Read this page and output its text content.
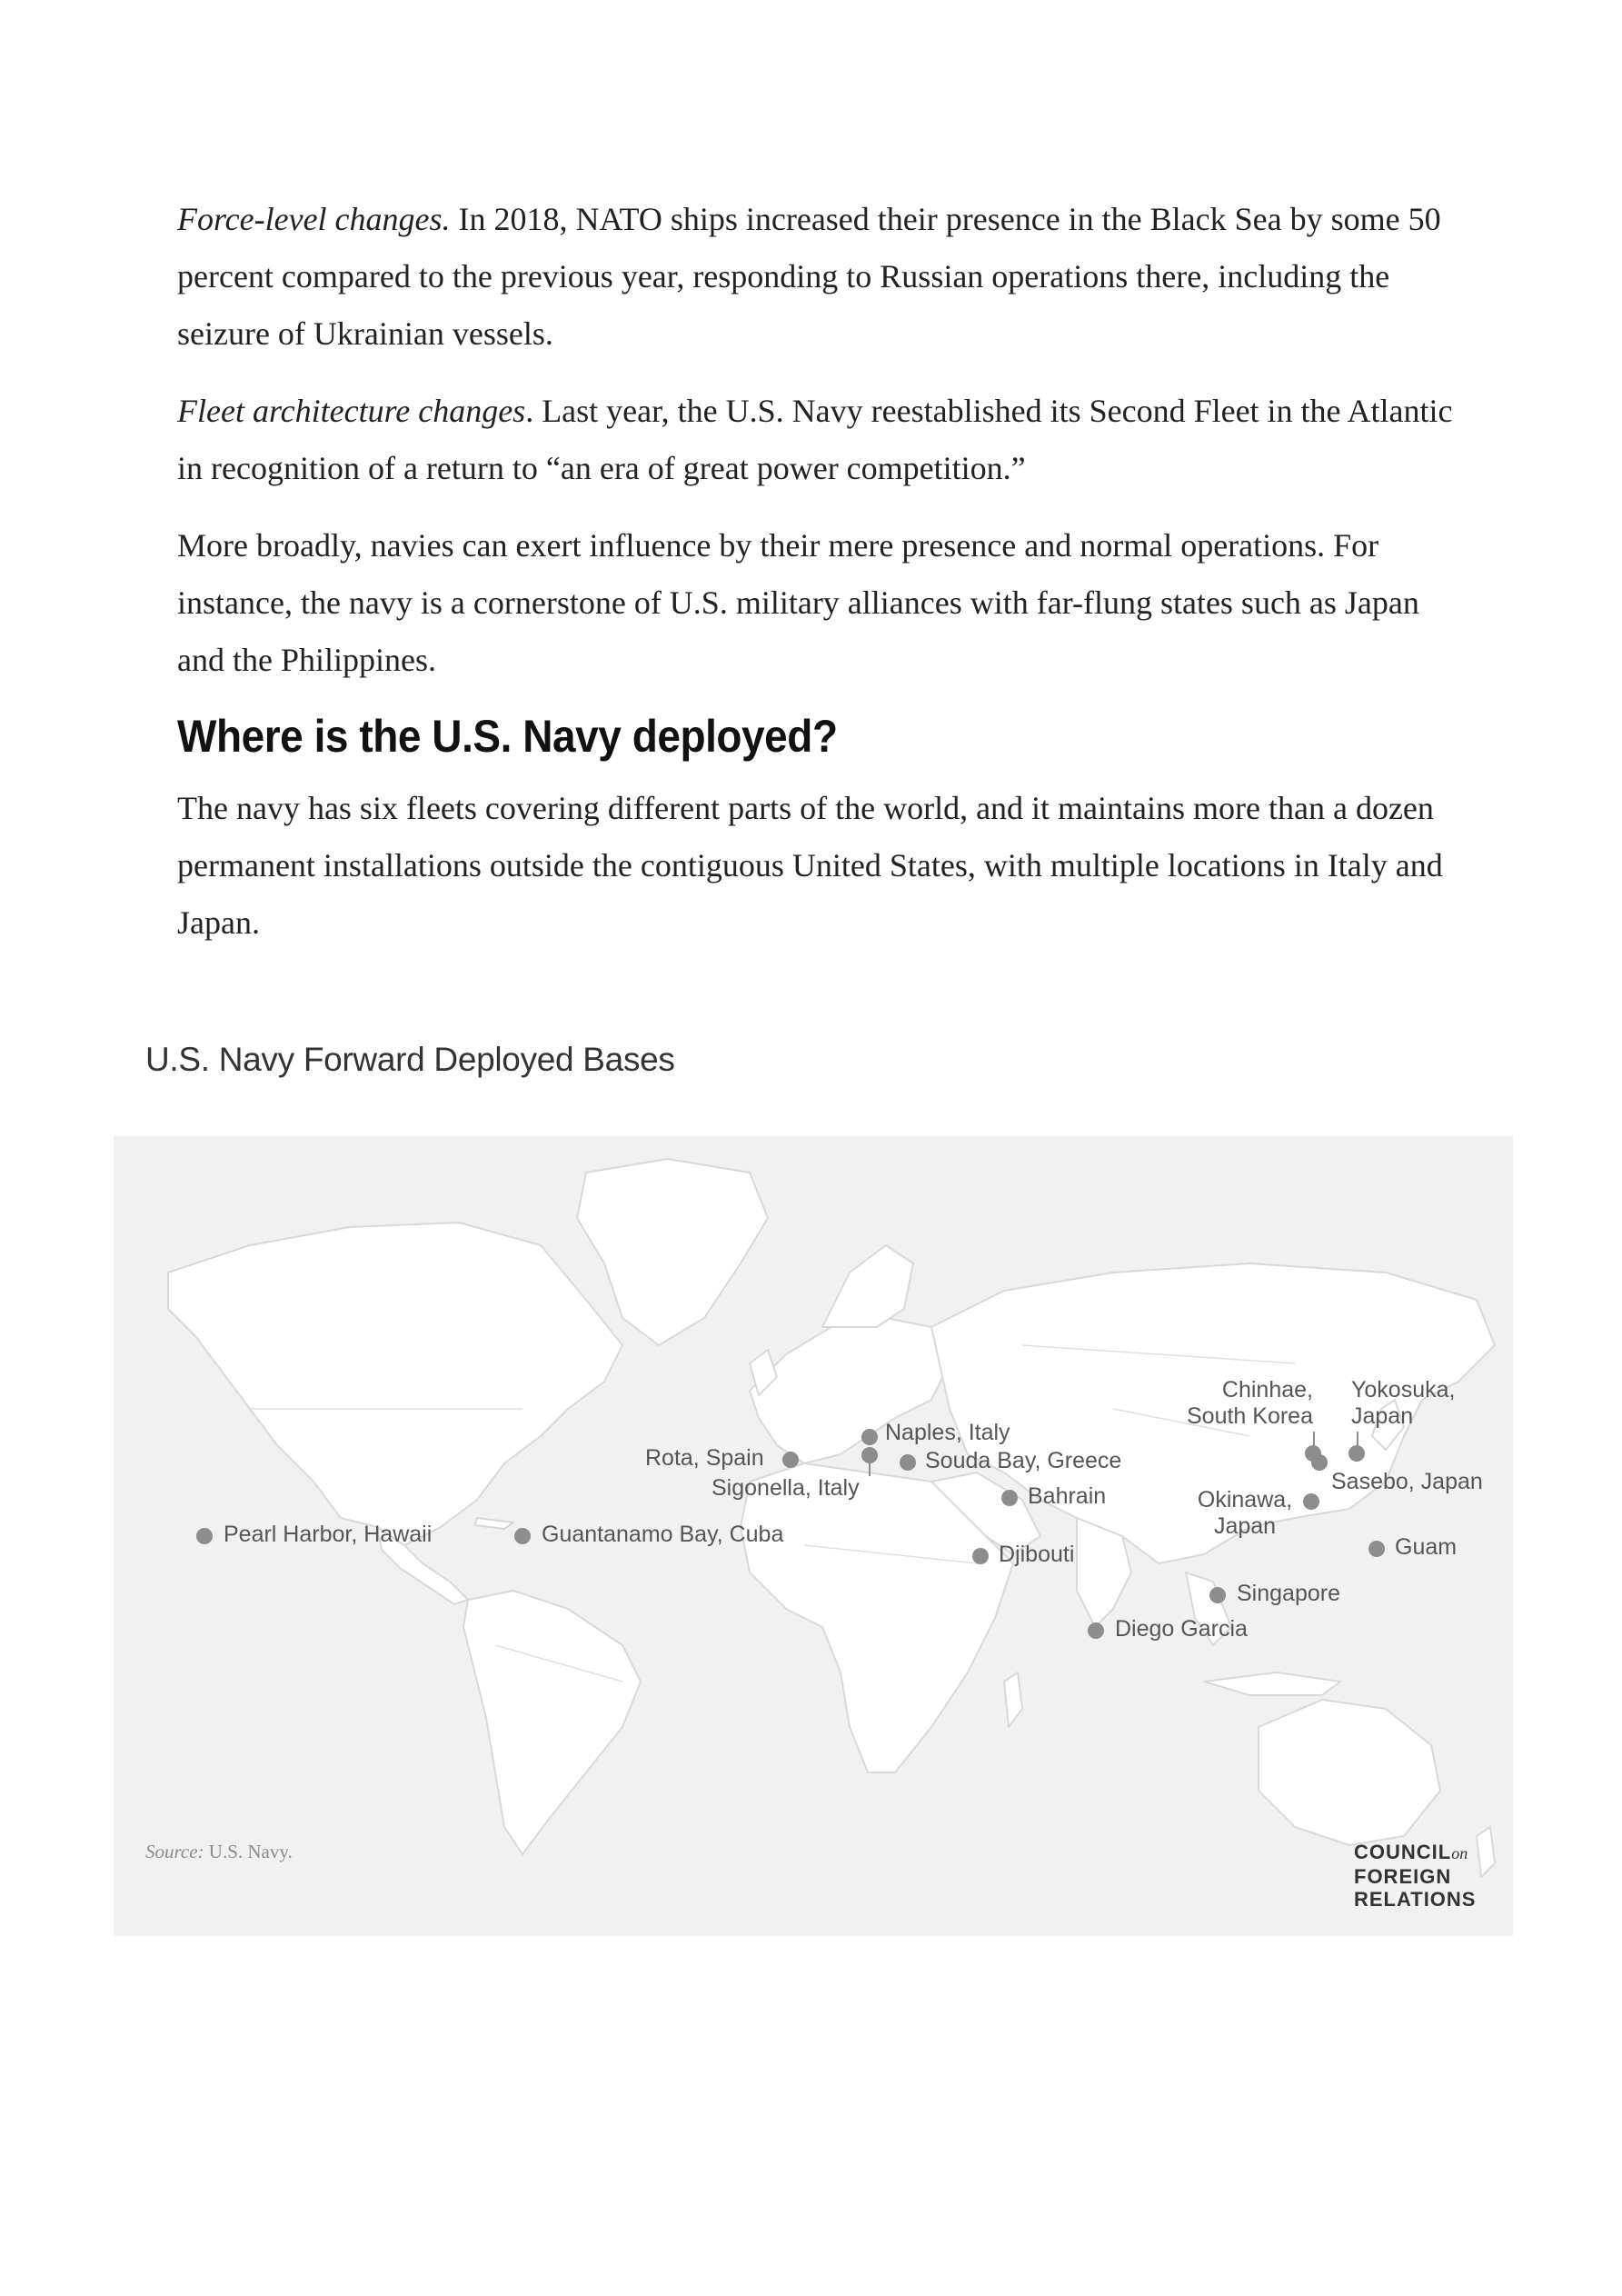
Force-level changes. In 2018, NATO ships increased their presence in the Black Sea by some 50 percent compared to the previous year, responding to Russian operations there, including the seizure of Ukrainian vessels.

Fleet architecture changes. Last year, the U.S. Navy reestablished its Second Fleet in the Atlantic in recognition of a return to “an era of great power competition.”

More broadly, navies can exert influence by their mere presence and normal operations. For instance, the navy is a cornerstone of U.S. military alliances with far-flung states such as Japan and the Philippines.

Where is the U.S. Navy deployed?

The navy has six fleets covering different parts of the world, and it maintains more than a dozen permanent installations outside the contiguous United States, with multiple locations in Italy and Japan.

U.S. Navy Forward Deployed Bases
Pearl Harbor, Hawaii	Guantanamo Bay, Cuba
Rota, Spain
Naples, Italy
Sigonella, Italy
Souda Bay, Greece
Bahrain
Djibouti
Diego Garcia
Singapore
Chinhae,
South Korea
Yokosuka,
Japan
Sasebo, Japan
Okinawa,
Japan
Guam
Source: U.S. Navy.	COUNCILon
FOREIGN
RELATIONS
